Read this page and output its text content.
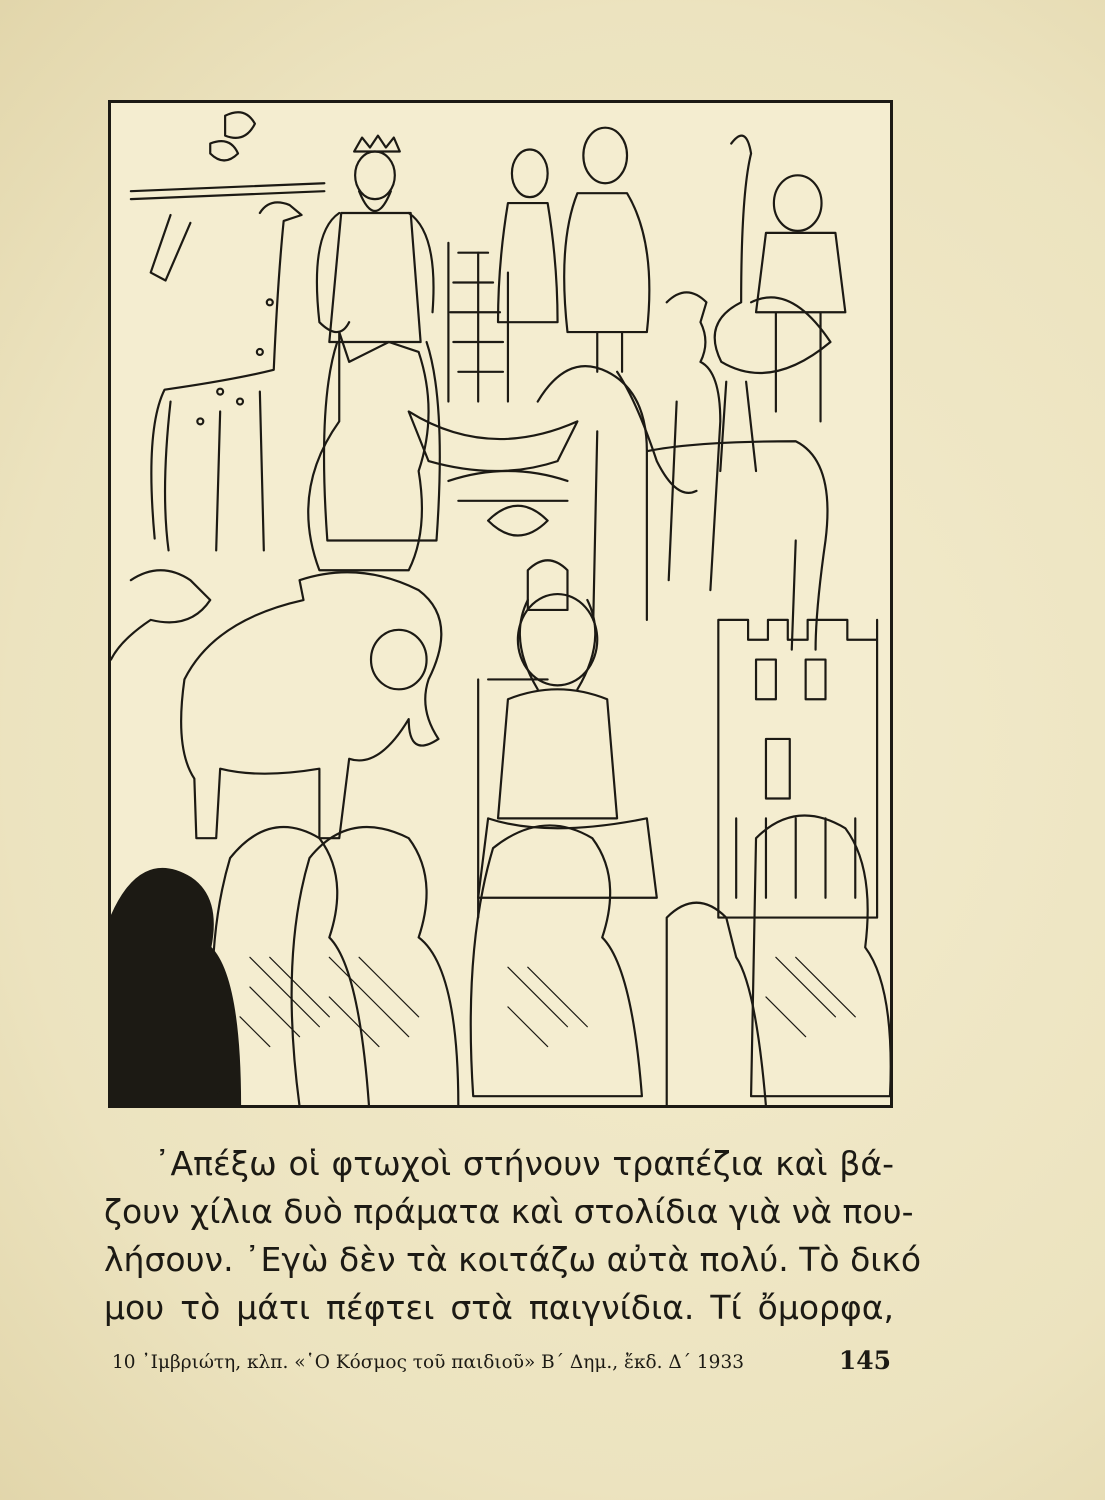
᾽Απέξω οἱ φτωχοὶ στήνουν τραπέζια καὶ βά-
ζουν χίλια δυὸ πράματα καὶ στολίδια γιὰ νὰ που-
λήσουν. ᾽Εγὼ δὲν τὰ κοιτάζω αὐτὰ πολύ. Τὸ δικό
μου τὸ μάτι πέφτει στὰ παιγνίδια. Τί ὄμορφα,
10 ᾽Ιμβριώτη, κλπ. «῾Ο Κόσμος τοῦ παιδιοῦ» Β΄ Δημ., ἔκδ. Δ΄ 1933	145
